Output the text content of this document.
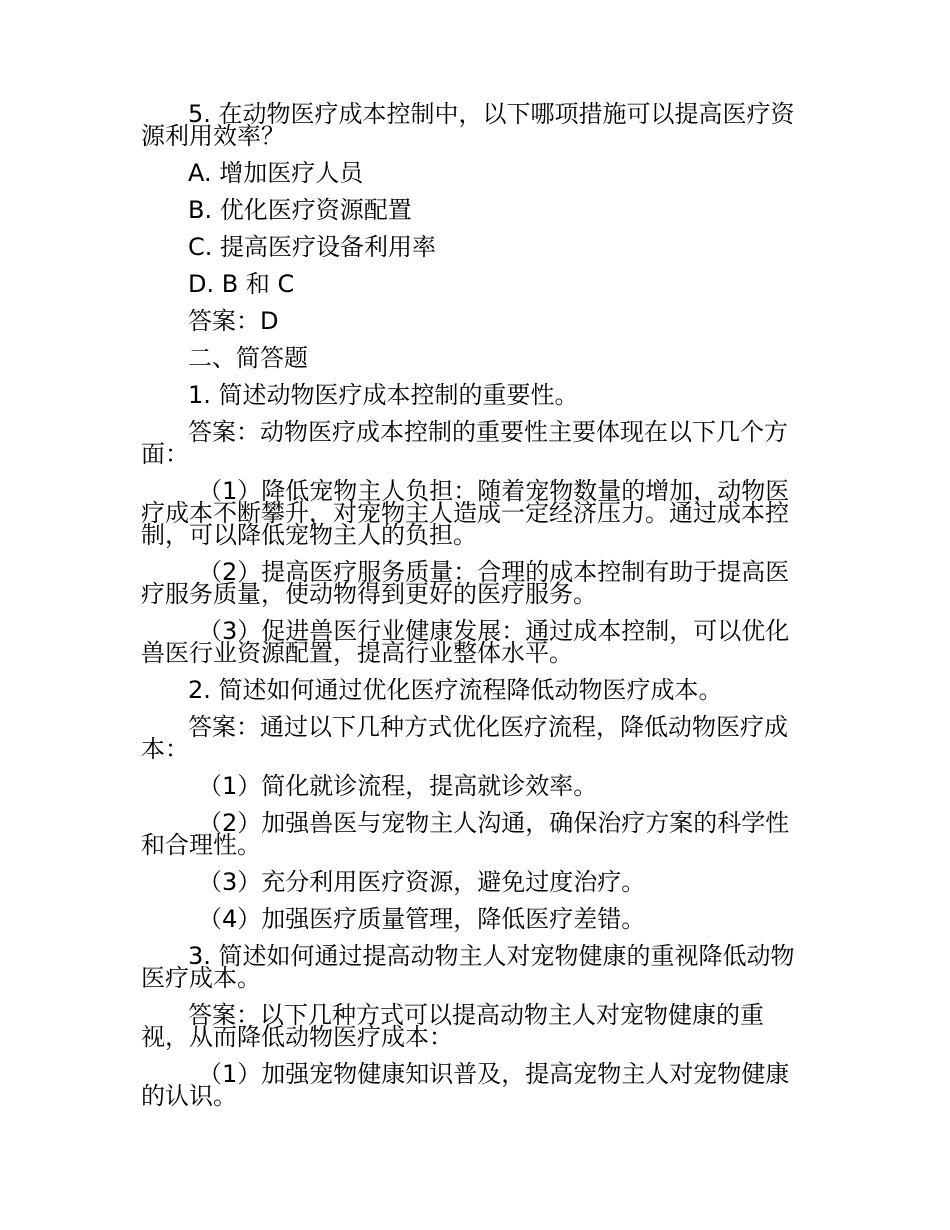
5. 在动物医疗成本控制中，以下哪项措施可以提高医疗资源利用效率？

A. 增加医疗人员

B. 优化医疗资源配置

C. 提高医疗设备利用率

D. B 和 C

答案：D

二、简答题

1. 简述动物医疗成本控制的重要性。

答案：动物医疗成本控制的重要性主要体现在以下几个方面：

（1）降低宠物主人负担：随着宠物数量的增加，动物医疗成本不断攀升，对宠物主人造成一定经济压力。通过成本控制，可以降低宠物主人的负担。

（2）提高医疗服务质量：合理的成本控制有助于提高医疗服务质量，使动物得到更好的医疗服务。

（3）促进兽医行业健康发展：通过成本控制，可以优化兽医行业资源配置，提高行业整体水平。

2. 简述如何通过优化医疗流程降低动物医疗成本。

答案：通过以下几种方式优化医疗流程，降低动物医疗成本：

（1）简化就诊流程，提高就诊效率。

（2）加强兽医与宠物主人沟通，确保治疗方案的科学性和合理性。

（3）充分利用医疗资源，避免过度治疗。

（4）加强医疗质量管理，降低医疗差错。

3. 简述如何通过提高动物主人对宠物健康的重视降低动物医疗成本。

答案：以下几种方式可以提高动物主人对宠物健康的重视，从而降低动物医疗成本：

（1）加强宠物健康知识普及，提高宠物主人对宠物健康的认识。
